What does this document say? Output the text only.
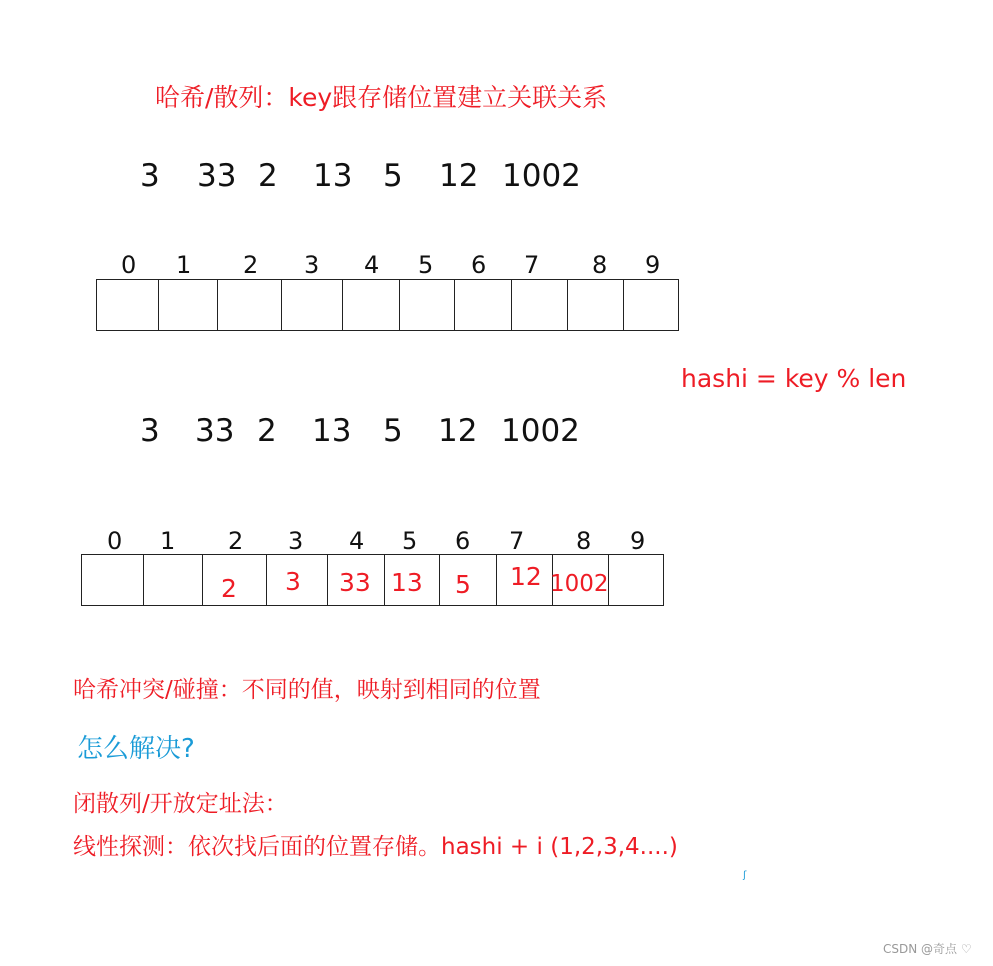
哈希/散列：key跟存储位置建立关联关系
3 33 2 13 5 12 1002
0 1 2 3 4 5 6 7 8 9
hashi = key % len
3 33 2 13 5 12 1002
0 1 2 3 4 5 6 7 8 9
2 3 33 13 5 12 1002
哈希冲突/碰撞：不同的值，映射到相同的位置
怎么解决?
闭散列/开放定址法：
线性探测：依次找后面的位置存储。hashi + i (1,2,3,4....)
ʃ
CSDN @奇点 ♡
